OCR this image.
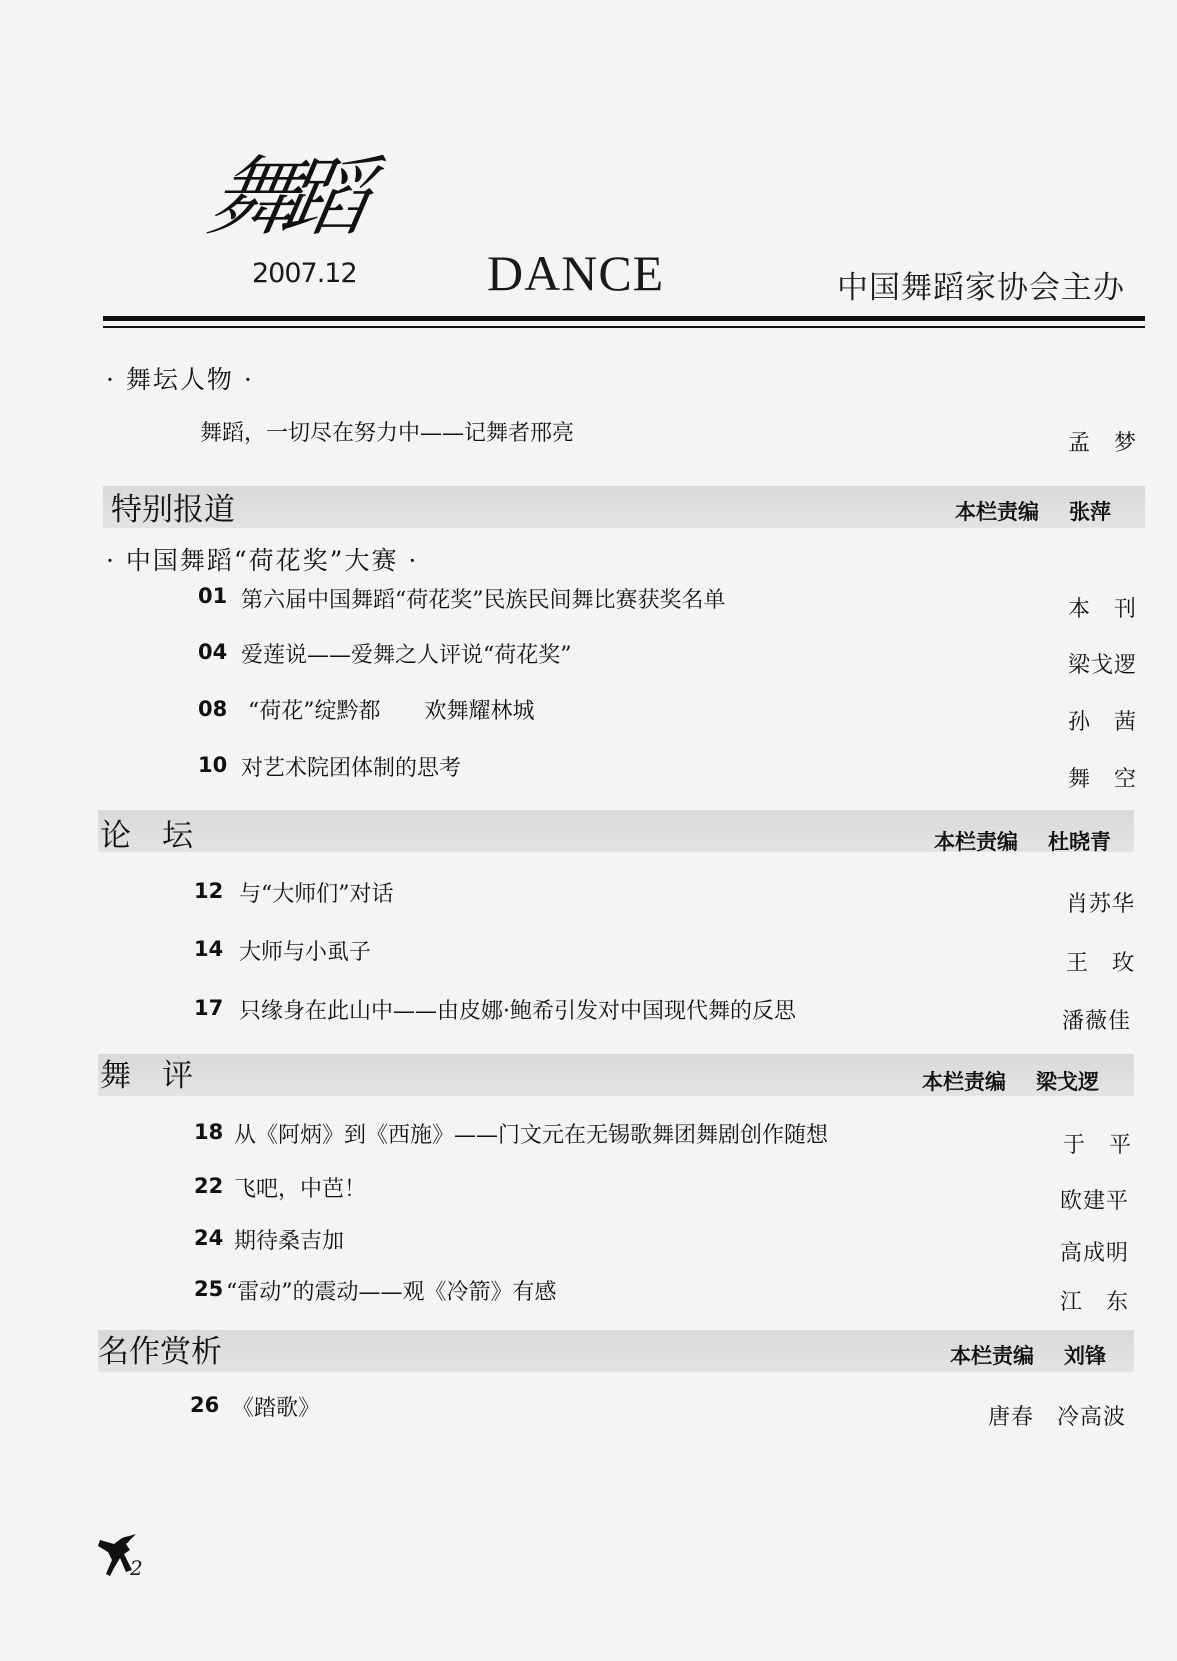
舞蹈
2007.12	DANCE	中国舞蹈家协会主办
· 舞坛人物 ·
舞蹈，一切尽在努力中——记舞者邢亮	孟　梦
特别报道	本栏责编 张萍
· 中国舞蹈“荷花奖”大赛 ·
01 第六届中国舞蹈“荷花奖”民族民间舞比赛获奖名单	本　刊
04 爱莲说——爱舞之人评说“荷花奖”	梁戈逻
08 “荷花”绽黔都　　欢舞耀林城	孙　茜
10 对艺术院团体制的思考	舞　空
论　坛	本栏责编 杜晓青
12 与“大师们”对话	肖苏华
14 大师与小虱子	王　玫
17 只缘身在此山中——由皮娜·鲍希引发对中国现代舞的反思	潘薇佳
舞　评	本栏责编 梁戈逻
18 从《阿炳》到《西施》——门文元在无锡歌舞团舞剧创作随想	于　平
22 飞吧，中芭！	欧建平
24 期待桑吉加	高成明
25 “雷动”的震动——观《冷箭》有感	江　东
名作赏析	本栏责编 刘锋
26 《踏歌》	唐春　冷高波
2
